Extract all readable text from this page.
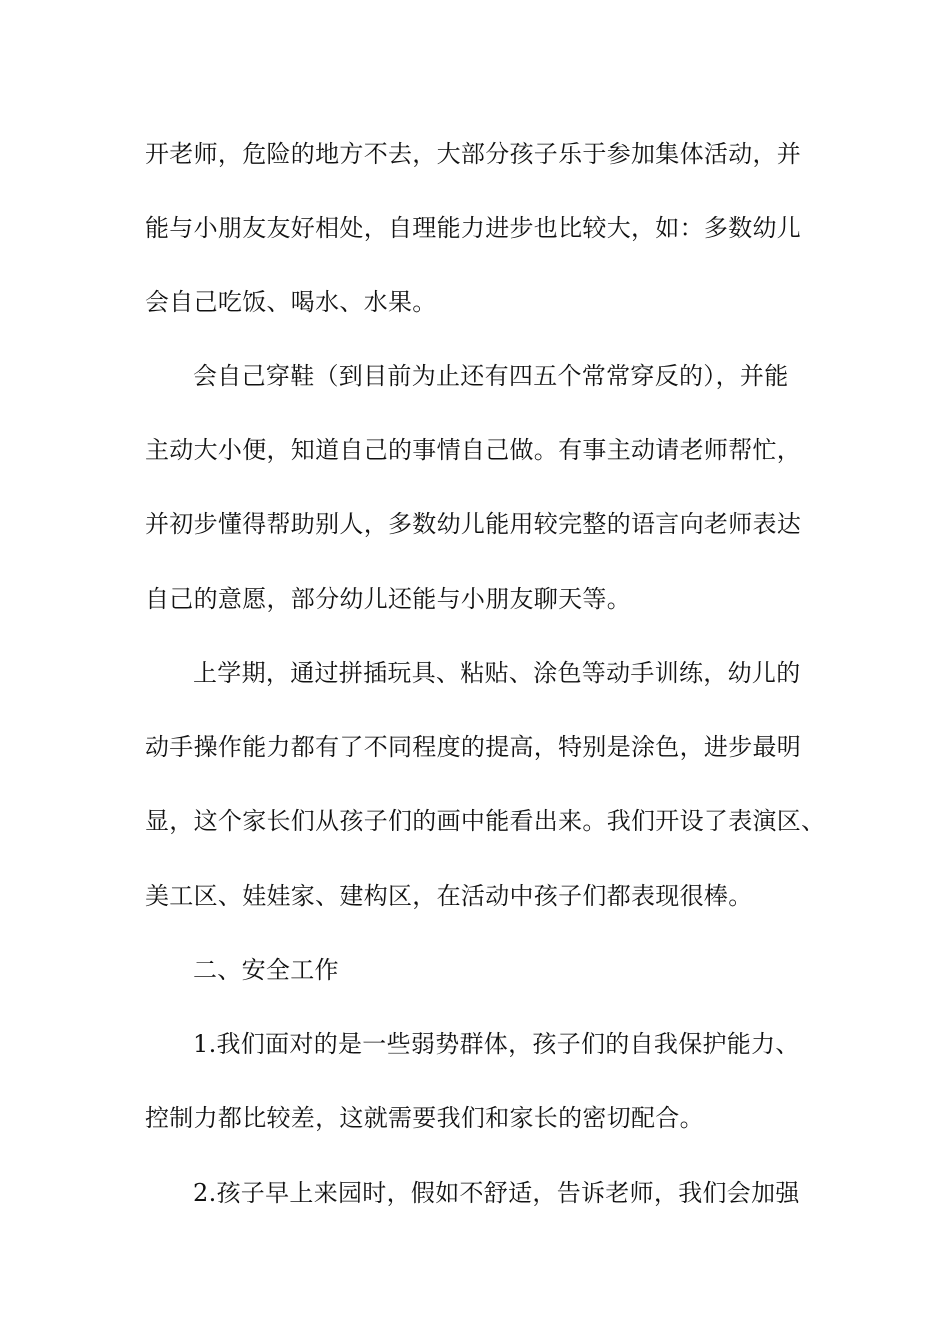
开老师，危险的地方不去，大部分孩子乐于参加集体活动，并
能与小朋友友好相处，自理能力进步也比较大，如：多数幼儿
会自己吃饭、喝水、水果。
会自己穿鞋（到目前为止还有四五个常常穿反的），并能
主动大小便，知道自己的事情自己做。有事主动请老师帮忙，
并初步懂得帮助别人，多数幼儿能用较完整的语言向老师表达
自己的意愿，部分幼儿还能与小朋友聊天等。
上学期，通过拼插玩具、粘贴、涂色等动手训练，幼儿的
动手操作能力都有了不同程度的提高，特别是涂色，进步最明
显，这个家长们从孩子们的画中能看出来。我们开设了表演区、
美工区、娃娃家、建构区，在活动中孩子们都表现很棒。
二、安全工作
1.我们面对的是一些弱势群体，孩子们的自我保护能力、
控制力都比较差，这就需要我们和家长的密切配合。
2.孩子早上来园时，假如不舒适，告诉老师，我们会加强
